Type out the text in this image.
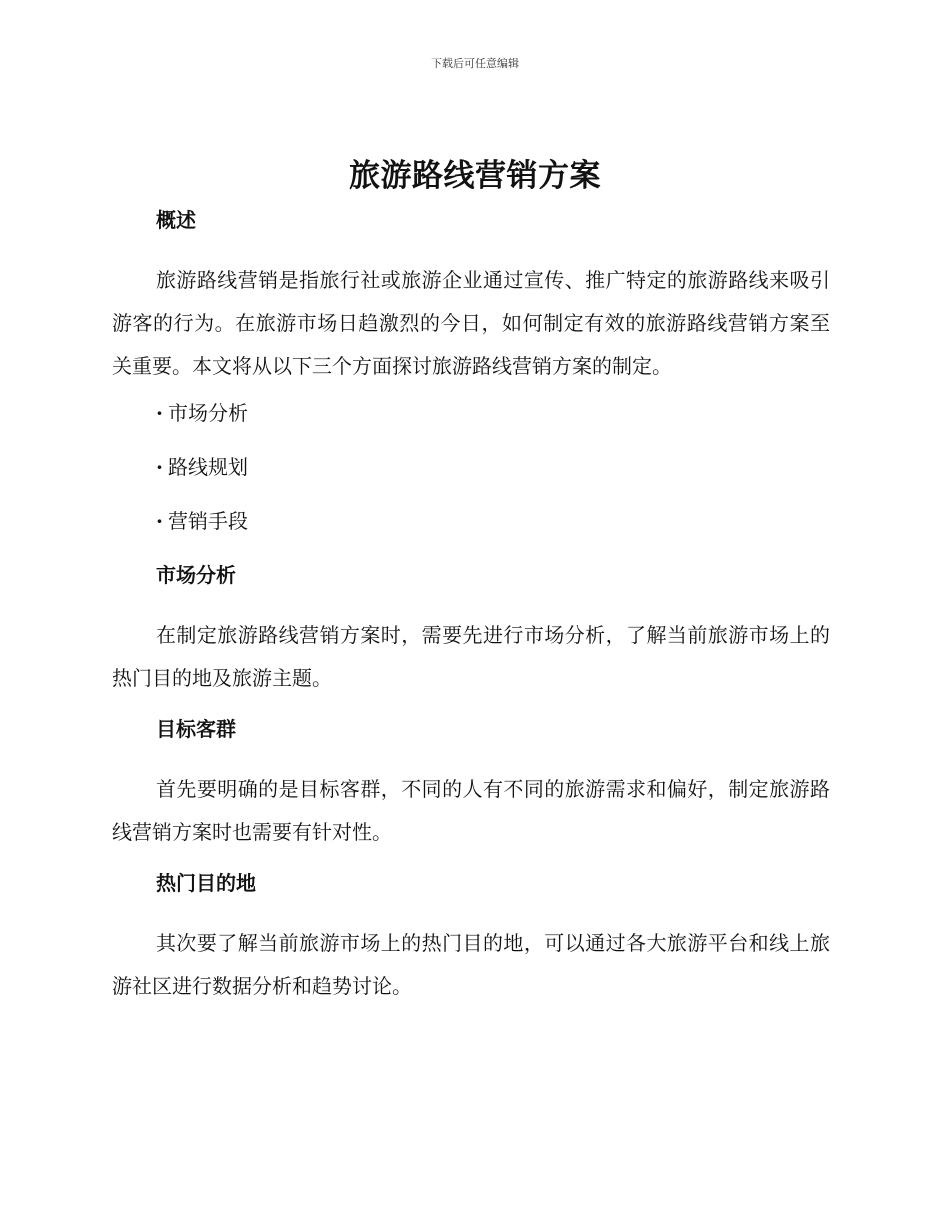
下载后可任意编辑
旅游路线营销方案
概述

旅游路线营销是指旅行社或旅游企业通过宣传、推广特定的旅游路线来吸引游客的行为。在旅游市场日趋激烈的今日，如何制定有效的旅游路线营销方案至关重要。本文将从以下三个方面探讨旅游路线营销方案的制定。

· 市场分析
· 路线规划
· 营销手段
市场分析

在制定旅游路线营销方案时，需要先进行市场分析，了解当前旅游市场上的热门目的地及旅游主题。

目标客群

首先要明确的是目标客群，不同的人有不同的旅游需求和偏好，制定旅游路线营销方案时也需要有针对性。

热门目的地

其次要了解当前旅游市场上的热门目的地，可以通过各大旅游平台和线上旅游社区进行数据分析和趋势讨论。
